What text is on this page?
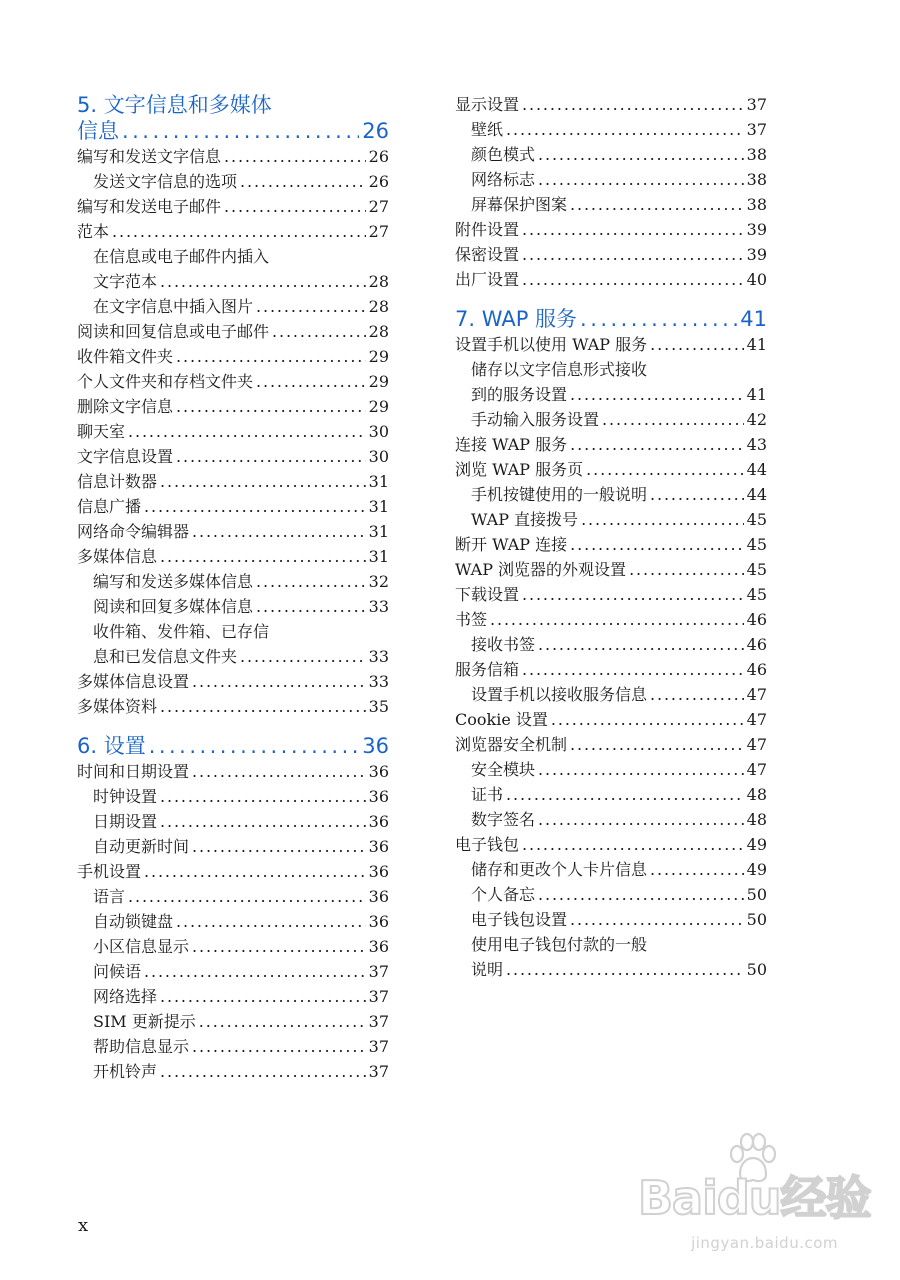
5. 文字信息和多媒体
信息 . . .	26
编写和发送文字信息 . . .	26
发送文字信息的选项 . . .	26
编写和发送电子邮件 . . .	27
范本 . . .	27
在信息或电子邮件内插入
文字范本 . . .	28
在文字信息中插入图片 . . .	28
阅读和回复信息或电子邮件 . . .	28
收件箱文件夹 . . .	29
个人文件夹和存档文件夹 . . .	29
删除文字信息 . . .	29
聊天室 . . .	30
文字信息设置 . . .	30
信息计数器 . . .	31
信息广播 . . .	31
网络命令编辑器 . . .	31
多媒体信息 . . .	31
编写和发送多媒体信息 . . .	32
阅读和回复多媒体信息 . . .	33
收件箱、发件箱、已存信
息和已发信息文件夹 . . .	33
多媒体信息设置 . . .	33
多媒体资料 . . .	35
6. 设置 . . .	36
时间和日期设置 . . .	36
时钟设置 . . .	36
日期设置 . . .	36
自动更新时间 . . .	36
手机设置 . . .	36
语言 . . .	36
自动锁键盘 . . .	36
小区信息显示 . . .	36
问候语 . . .	37
网络选择 . . .	37
SIM 更新提示 . . .	37
帮助信息显示 . . .	37
开机铃声 . . .	37
显示设置 . . .	37
壁纸 . . .	37
颜色模式 . . .	38
网络标志 . . .	38
屏幕保护图案 . . .	38
附件设置 . . .	39
保密设置 . . .	39
出厂设置 . . .	40
7. WAP 服务 . . .	41
设置手机以使用 WAP 服务 . . .	41
储存以文字信息形式接收
到的服务设置 . . .	41
手动输入服务设置 . . .	42
连接 WAP 服务 . . .	43
浏览 WAP 服务页 . . .	44
手机按键使用的一般说明 . . .	44
WAP 直接拨号 . . .	45
断开 WAP 连接 . . .	45
WAP 浏览器的外观设置 . . .	45
下载设置 . . .	45
书签 . . .	46
接收书签 . . .	46
服务信箱 . . .	46
设置手机以接收服务信息 . . .	47
Cookie 设置 . . .	47
浏览器安全机制 . . .	47
安全模块 . . .	47
证书 . . .	48
数字签名 . . .	48
电子钱包 . . .	49
储存和更改个人卡片信息 . . .	49
个人备忘 . . .	50
电子钱包设置 . . .	50
使用电子钱包付款的一般
说明 . . .	50
x
Baidu经验
jingyan.baidu.com
